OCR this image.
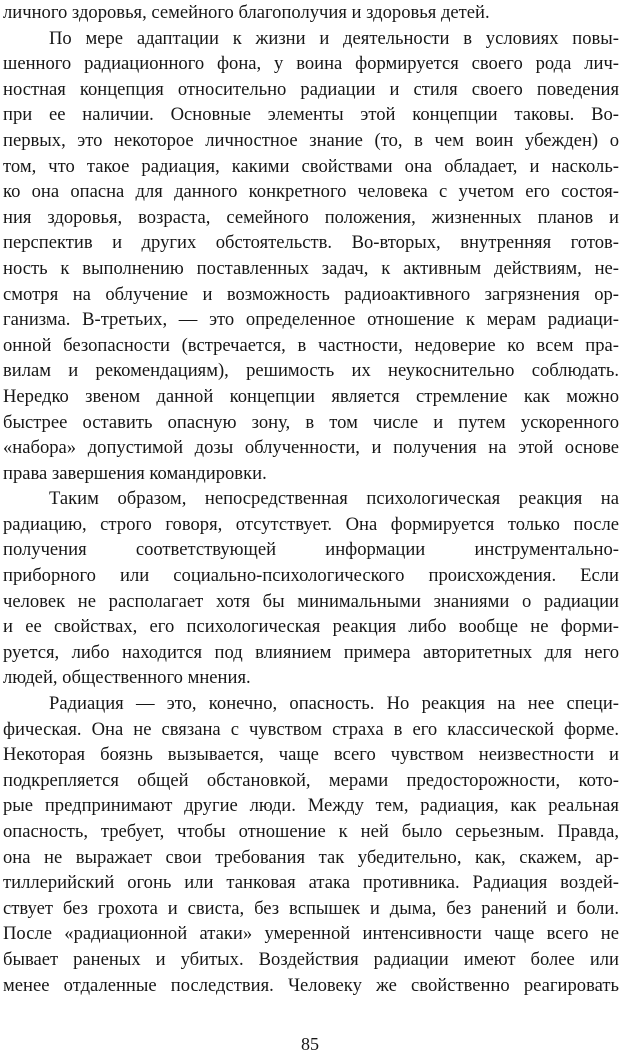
личного здоровья, семейного благополучия и здоровья детей.
По мере адаптации к жизни и деятельности в условиях повы-
шенного радиационного фона, у воина формируется своего рода лич-
ностная концепция относительно радиации и стиля своего поведения
при ее наличии. Основные элементы этой концепции таковы. Во-
первых, это некоторое личностное знание (то, в чем воин убежден) о
том, что такое радиация, какими свойствами она обладает, и насколь-
ко она опасна для данного конкретного человека с учетом его состоя-
ния здоровья, возраста, семейного положения, жизненных планов и
перспектив и других обстоятельств. Во-вторых, внутренняя готов-
ность к выполнению поставленных задач, к активным действиям, не-
смотря на облучение и возможность радиоактивного загрязнения ор-
ганизма. В-третьих, — это определенное отношение к мерам радиаци-
онной безопасности (встречается, в частности, недоверие ко всем пра-
вилам и рекомендациям), решимость их неукоснительно соблюдать.
Нередко звеном данной концепции является стремление как можно
быстрее оставить опасную зону, в том числе и путем ускоренного
«набора» допустимой дозы облученности, и получения на этой основе
права завершения командировки.
Таким образом, непосредственная психологическая реакция на
радиацию, строго говоря, отсутствует. Она формируется только после
получения соответствующей информации инструментально-
приборного или социально-психологического происхождения. Если
человек не располагает хотя бы минимальными знаниями о радиации
и ее свойствах, его психологическая реакция либо вообще не форми-
руется, либо находится под влиянием примера авторитетных для него
людей, общественного мнения.
Радиация — это, конечно, опасность. Но реакция на нее специ-
фическая. Она не связана с чувством страха в его классической форме.
Некоторая боязнь вызывается, чаще всего чувством неизвестности и
подкрепляется общей обстановкой, мерами предосторожности, кото-
рые предпринимают другие люди. Между тем, радиация, как реальная
опасность, требует, чтобы отношение к ней было серьезным. Правда,
она не выражает свои требования так убедительно, как, скажем, ар-
тиллерийский огонь или танковая атака противника. Радиация воздей-
ствует без грохота и свиста, без вспышек и дыма, без ранений и боли.
После «радиационной атаки» умеренной интенсивности чаще всего не
бывает раненых и убитых. Воздействия радиации имеют более или
менее отдаленные последствия. Человеку же свойственно реагировать
85
